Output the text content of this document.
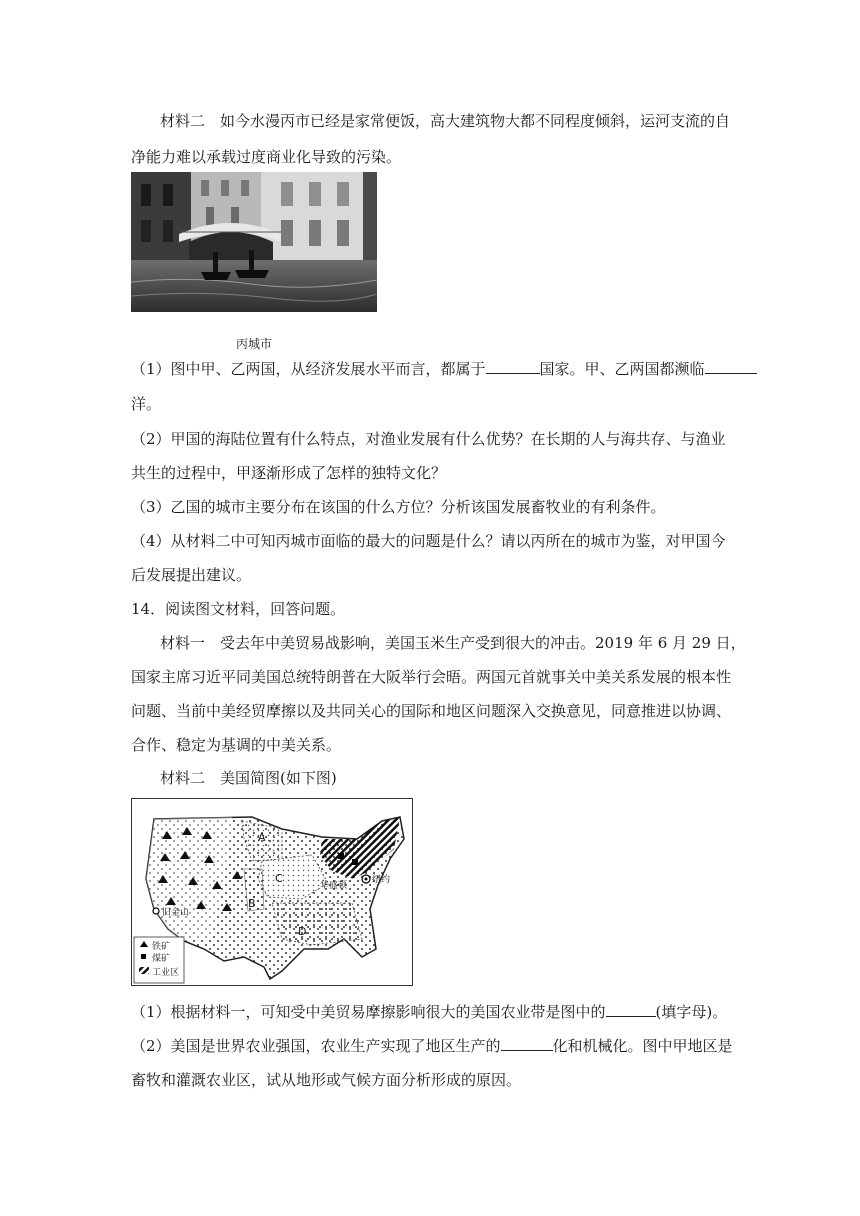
材料二　如今水漫丙市已经是家常便饭，高大建筑物大都不同程度倾斜，运河支流的自
净能力难以承载过度商业化导致的污染。
丙城市
（1）图中甲、乙两国，从经济发展水平而言，都属于	国家。甲、乙两国都濒临
洋。
（2）甲国的海陆位置有什么特点，对渔业发展有什么优势？在长期的人与海共存、与渔业
共生的过程中，甲逐渐形成了怎样的独特文化？
（3）乙国的城市主要分布在该国的什么方位？分析该国发展畜牧业的有利条件。
（4）从材料二中可知丙城市面临的最大的问题是什么？请以丙所在的城市为鉴，对甲国今
后发展提出建议。
14．阅读图文材料，回答问题。
材料一　受去年中美贸易战影响，美国玉米生产受到很大的冲击。2019 年 6 月 29 日，
国家主席习近平同美国总统特朗普在大阪举行会晤。两国元首就事关中美关系发展的根本性
问题、当前中美经贸摩擦以及共同关心的国际和地区问题深入交换意见，同意推进以协调、
合作、稳定为基调的中美关系。
材料二　美国简图(如下图)
A
B
C
D
华盛顿
纽约
旧金山
铁矿
煤矿
工业区
（1）根据材料一，可知受中美贸易摩擦影响很大的美国农业带是图中的	(填字母)。
（2）美国是世界农业强国，农业生产实现了地区生产的	化和机械化。图中甲地区是
畜牧和灌溉农业区，试从地形或气候方面分析形成的原因。
